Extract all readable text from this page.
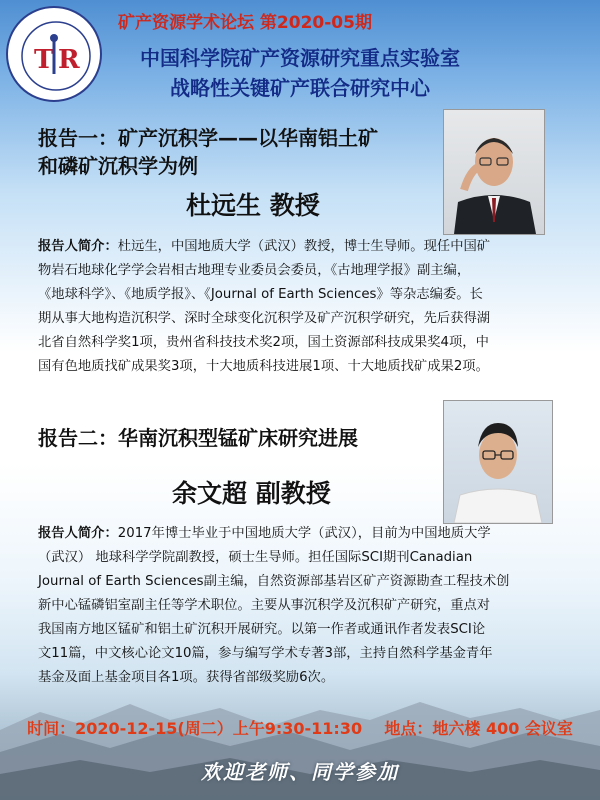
T R
矿产资源学术论坛 第2020-05期
中国科学院矿产资源研究重点实验室
战略性关键矿产联合研究中心
报告一：矿产沉积学——以华南铝土矿
和磷矿沉积学为例
杜远生 教授
报告人简介：杜远生，中国地质大学（武汉）教授，博士生导师。现任中国矿
物岩石地球化学学会岩相古地理专业委员会委员，《古地理学报》副主编，
《地球科学》、《地质学报》、《Journal of Earth Sciences》等杂志编委。长
期从事大地构造沉积学、深时全球变化沉积学及矿产沉积学研究，先后获得湖
北省自然科学奖1项，贵州省科技技术奖2项，国土资源部科技成果奖4项，中
国有色地质找矿成果奖3项，十大地质科技进展1项、十大地质找矿成果2项。
报告二：华南沉积型锰矿床研究进展
余文超 副教授
报告人简介：2017年博士毕业于中国地质大学（武汉），目前为中国地质大学
（武汉） 地球科学学院副教授，硕士生导师。担任国际SCI期刊Canadian
Journal of Earth Sciences副主编，自然资源部基岩区矿产资源勘查工程技术创
新中心锰磷铝室副主任等学术职位。主要从事沉积学及沉积矿产研究，重点对
我国南方地区锰矿和铝土矿沉积开展研究。以第一作者或通讯作者发表SCI论
文11篇，中文核心论文10篇，参与编写学术专著3部，主持自然科学基金青年
基金及面上基金项目各1项。获得省部级奖励6次。
时间：2020-12-15(周二）上午9:30-11:30    地点：地六楼 400 会议室
欢迎老师、同学参加
